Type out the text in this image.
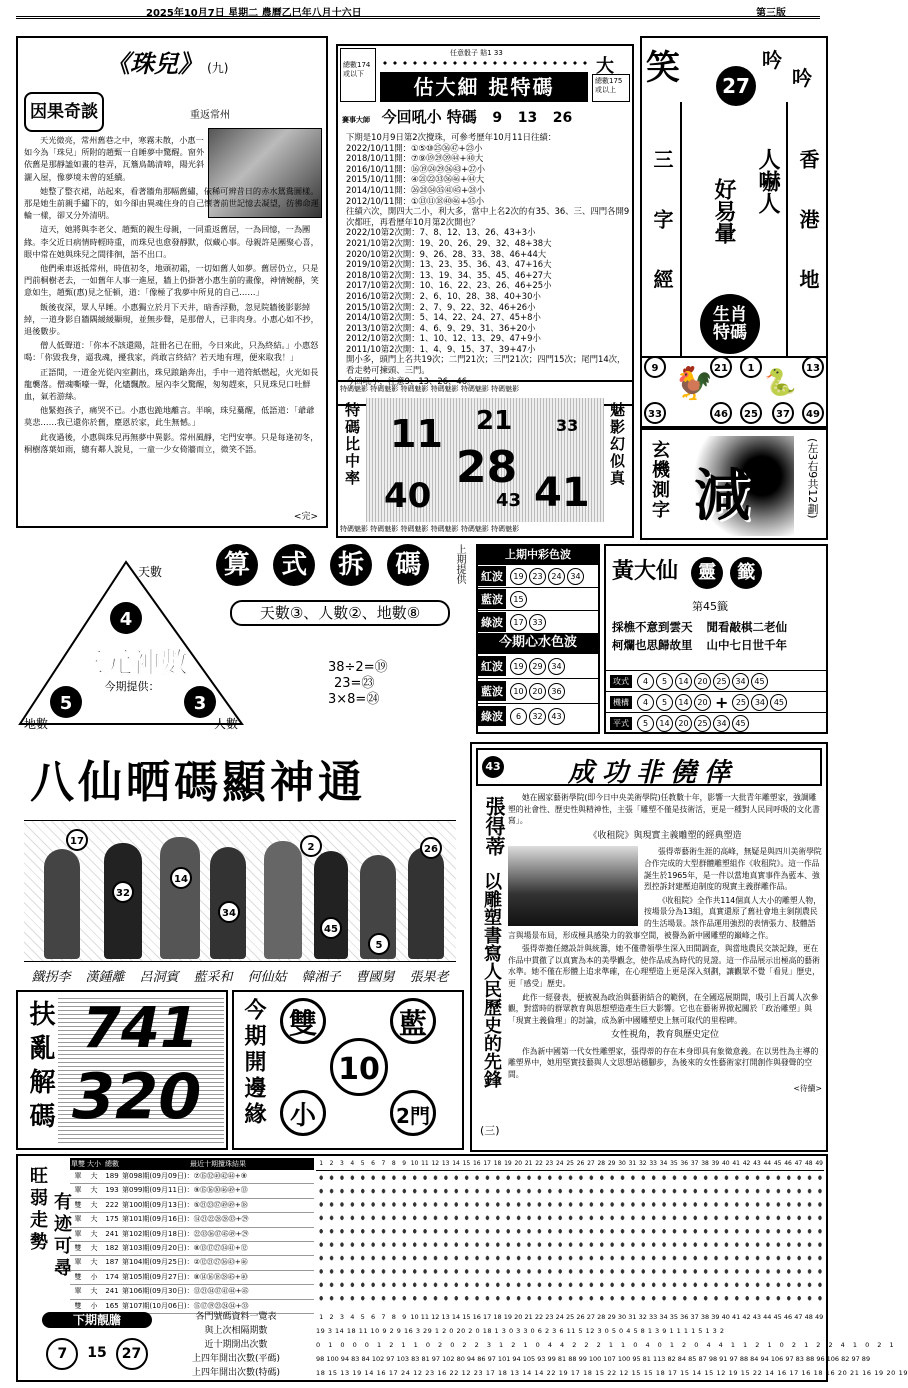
2025年10月7日 星期二 農曆乙巳年八月十六日	第三版
《珠兒》 (九)
因果奇談	重返常州

天光微亮，常州舊巷之中，寒霧未散，小惠一如今為「珠兒」所附的趙甄一自睡夢中驚醒。窗外依舊是那靜謐如畫的巷弄，瓦簷鳥鵲清啼，陽光斜灑入屋，像夢境未曾的延續。

她整了整衣裙，站起來，看著牆角那幅舊繡，依稀可辨昔日的赤水鴛鴦圖樣。那是她生前親手繡下的，如今卻由異魂住身的自己懷著前世記憶去凝望，彷彿命運輪一樣，卻又分外清明。

這天，她將與李老父、趙甄的親生母親，一同重返舊居，一為回憶，一為團緣。李父近日病情時輕時重，而珠兒也愈發靜默，似藏心事。母親許是團聚心喜，眼中常在她與珠兒之間徘徊，語不出口。

他們乘車返抵常州，時值初冬，地頭初霜，一切如舊人如夢。舊居仍立，只是門前桐樹老去，一如舊年人事一進屋，牆上仍掛著小惠生前的畫像，神情婉靜，笑意如生，趙甄(惠)見之怔頓，道：「像極了我夢中所見的自己……」

飯後夜深，眾人早睡。小惠獨立於月下天井，暗香浮動，忽見院牆後影影綽綽，一道身影自牆隅緩緩顯現，並無步聲，是那僧人，已非肉身。小惠心如不抄，退後數步。

僧人低聲道：「你本不該還陽，註冊名已在冊，今日來此，只為終結。」小惠怒喝：「你毀我身，逼我魂，擾我家，尚敢言終結？若天地有理，便來取我！」

正語間，一道金光從內室劃出，珠兒踉蹌奔出，手中一道符紙燃起，火光如長龍襲落。僧魂嘶嚎一聲，化燼飄散。屋內李父驚醒，匆匆趕來，只見珠兒口吐鮮血，氣若游絲。

他緊抱孩子，痛哭不已。小惠也跪地離言。半晌，珠兒驀醒，低語道：「爺爺莫悲……我已還你於舊，塵恩於家，此生無憾。」

此夜過後，小惠與珠兒再無夢中異影。常州風靜，宅門安寧。只是每逢初冬，桐樹落葉如雨，總有鄰人說見，一童一少女倚牆而立，微笑不語。

<完>
總數174或以下
任意骰子 賠1 33
大
總數175或以上
估大細 捉特碼
賽事大師 今回吼小 特碼 9 13 26
下期是10月9日第2次攪珠，可參考歷年10月11日往績：
2022/10/11開：①⑤⑩㉕㊱㊼+㉓小
2018/10/11開：⑦⑨⑲㉙㊴㊹+㊵大
2016/10/11開：⑯⑲㉔㉙㊱㊸+㉗小
2015/10/11開：④㉑㉒㉝㊱㊻+㊹大
2014/10/11開：㉖㉘㉞㉟㊶㊺+㉘小
2012/10/11開：①⑬⑪⑱㊵㊻+㉟小
往績六次，開四大二小，利大多，當中上名2次的有35、36、三、四門各開9次都旺，再看歷年10月第2次開也？
2022/10第2次開：7、8、12、13、26、43+3小
2021/10第2次開：19、20、26、29、32、48+38大
2020/10第2次開：9、26、28、33、38、46+44大
2019/10第2次開：13、23、35、36、43、47+16大
2018/10第2次開：13、19、34、35、45、46+27大
2017/10第2次開：10、16、22、23、26、46+25小
2016/10第2次開：2、6、10、28、38、40+30小
2015/10第2次開：2、7、9、22、32、46+26小
2014/10第2次開：5、14、22、24、27、45+8小
2013/10第2次開：4、6、9、29、31、36+20小
2012/10第2次開：1、10、12、13、29、47+9小
2011/10第2次開：1、4、9、15、37、39+47小
開小多，頭門上名共19次；二門21次；三門21次；四門15次；尾門14次，看走勢可揀頭、三門。
今回吼小，注意9、13、26、46。
特碼魅影 特碼魅影 特碼魅影 特碼魅影 特碼魅影 特碼魅影
特碼比中率	魅影幻似真
11 21	33
28
40	43 41
特碼魅影 特碼魅影 特碼魅影 特碼魅影 特碼魅影 特碼魅影
笑	吟
吟
27
三字經	香港地
人嚇人
好易暈
生肖特碼
9	21	1	13
🐓 🐍
33	46	25	37	49
玄機測字 減	(左3右9共12劃)
算 式 拆 碼	上期提供
天數③、人數②、地數⑧
38÷2=⑲
23=㉓
3×8=㉔
4
5	3
天數
地數	人數
三元神數
今期提供：
上期中彩色波
紅波	19	23	24	34
藍波	15
綠波	17	33
今期心水色波
紅波	19	29	34
藍波	10	20	36
綠波	6	32	43
黃大仙 靈 籤
第45籤
採樵不意到雲天 閒看敲棋二老仙
柯爛也思歸故里 山中七日世千年
攻式	4	5	14	20	25	34	45
機構	4	5	14	20 + 25	34	45
平式	5	14	20	25	34	45
八仙晒碼顯神通
17
32
14
34
2
45
26
5
鐵拐李 漢鍾離 呂洞賓 藍采和 何仙姑 韓湘子 曹國舅 張果老
43	成功非僥倖
張得蒂
以雕塑書寫人民歷史的先鋒
(三)

她在國家藝術學院(即今日中央美術學院)任教數十年，影響一大批青年雕塑家，強調雕塑的社會性、歷史性與精神性，主張「雕塑不僅是技術活，更是一種對人民同呼吸的文化書寫」。

《收租院》與現實主義雕塑的經典塑造

張得蒂藝術生涯的高峰，無疑是與四川美術學院合作完成的大型群體雕塑組作《收租院》。這一作品誕生於1965年，是一件以當地真實事件為藍本、強烈控訴封建壓迫制度的現實主義群雕作品。

《收租院》全作共114個真人大小的雕塑人物，按場景分為13組，真實還原了舊社會地主剝削農民的生活場景。該作品運用強烈的表情張力、肢體語言與場景布局，形成極具感染力的敘事空間，被譽為新中國雕塑的巔峰之作。

張得蒂擔任總設計與統籌，她不僅帶領學生深入田間調查，與當地農民交談記錄，更在作品中貫徹了以真實為本的美學觀念，使作品成為時代的見證。這一作品展示出極高的藝術水準。她不僅在形體上追求準確，在心理塑造上更是深入刻劃，讓觀眾不覺「看見」歷史，更「感受」歷史。

此作一經發表，便被視為政治與藝術結合的範例，在全國巡展期間，吸引上百萬人次參觀，對當時的群眾教育與思想塑造產生巨大影響。它也在藝術界掀起關於「政治雕塑」與「現實主義倫理」的討論，成為新中國雕塑史上無可取代的里程碑。

女性視角，教育與歷史定位

作為新中國第一代女性雕塑家，張得蒂的存在本身即具有象徵意義。在以男性為主導的雕塑界中，她用堅實技藝與人文思想站穩腳步，為後來的女性藝術家打開創作與發聲的空間。

<待續>
扶亂解碼 741
320 今期開邊緣 雙	藍
10
小	2門
旺弱走勢 有迹可尋
單雙 大小 總數	最近十期攪珠結果
單	大	189 第098期(09月09日)：⑦⑮㉜㊵㊷㊹+⑨
單	大	193 第099期(09月11日)：⑨⑮⑯㉚㊻㊾+⑬
雙	大	222 第100期(09月13日)：⑤㉑㉓㊲㊾㊾+㊳
單	大	175 第101期(09月16日)：⑭㉑㉒㉘㉘㉝+㉙
單	大	241 第102期(09月18日)：㉒㉝㊱㊲㊺㊾+㉙
雙	大	182 第103期(09月20日)：⑧⑬⑰㉗㉞㊶+⑫
單	大	187 第104期(09月25日)：②⑫㉑㉗㊱㊸+㊻
雙	小	174 第105期(09月27日)：⑧⑭⑯⑱㉘㊺+㊵
單	大	241 第106期(09月30日)：⑬㉑㉞㊲㊶㊹+㊺
雙	小	165 第107期(10月06日)：⑮⑰⑲㉓㉔㉞+㉝
1	2	3	4	5	6	7	8	9 10 11 12 13 14 15 16 17 18 19 20 21 22 23 24 25 26 27 28 29 30 31 32 33 34 35 36 37 38 39 40 41 42 43 44 45 46 47 48 49
下期靚膽
7	15	27
各門號碼資料一覽表
與上次相隔期數
近十期開出次數
上四年開出次數(平碼)
上四年開出次數(特碼)
1 2 3 4 5 6 7 8 9 10 11 12 13 14 15 16 17 18 19 20 21 22 23 24 25 26 27 28 29 30 31 32 33 34 35 36 37 38 39 40 41 42 43 44 45 46 47 48 49
19 3 14 18 11 10 9 2 9 16 3 29 1 2 0 20 2 0 18 1 3 0 3 3 0 6 2 3 6 11 5 12 3 0 5 0 4 5 8 1 3 9 1 1 1 1 5 1 3 2
0 1 0 0 0 1 2 1 1 0 2 0 2 2 3 1 2 1 0 4 4 2 2 2 1 1 0 4 0 1 2 0 4 4 1 1 2 1 0 2 1 2 2 4 1 0 2 1
98 100 94 83 84 102 97 103 83 81 97 102 80 94 86 97 101 94 105 93 99 81 88 99 100 107 100 95 81 113 82 84 85 87 98 91 97 88 84 94 106 97 83 88 96 106 82 97 89
18 15 13 19 14 16 17 24 12 23 16 22 12 23 17 18 13 14 14 22 19 17 18 15 22 12 15 15 18 17 15 14 15 12 19 15 22 14 16 17 16 18 16 20 21 16 19 20 19
